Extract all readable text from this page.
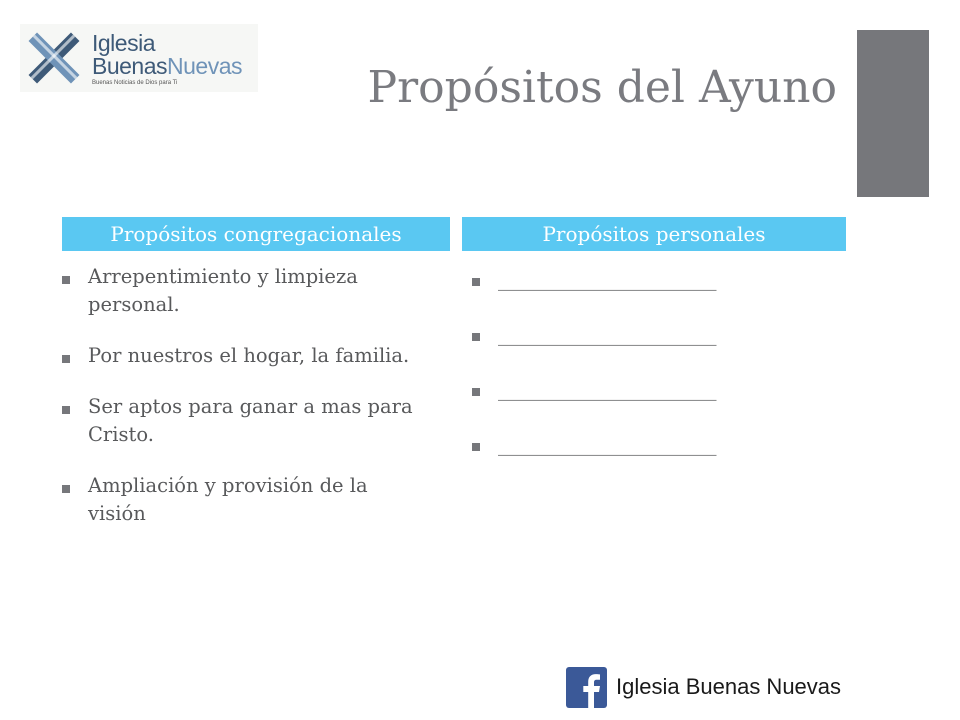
Iglesia
BuenasNuevas
Buenas Noticias de Dios para Ti	Propósitos del Ayuno
Propósitos congregacionales	Propósitos personales
Arrepentimiento y limpieza personal.
Por nuestros el hogar, la familia.
Ser aptos para ganar a mas para Cristo.
Ampliación y provisión de la visión
_______________________
_______________________
_______________________
_______________________
Iglesia Buenas Nuevas
